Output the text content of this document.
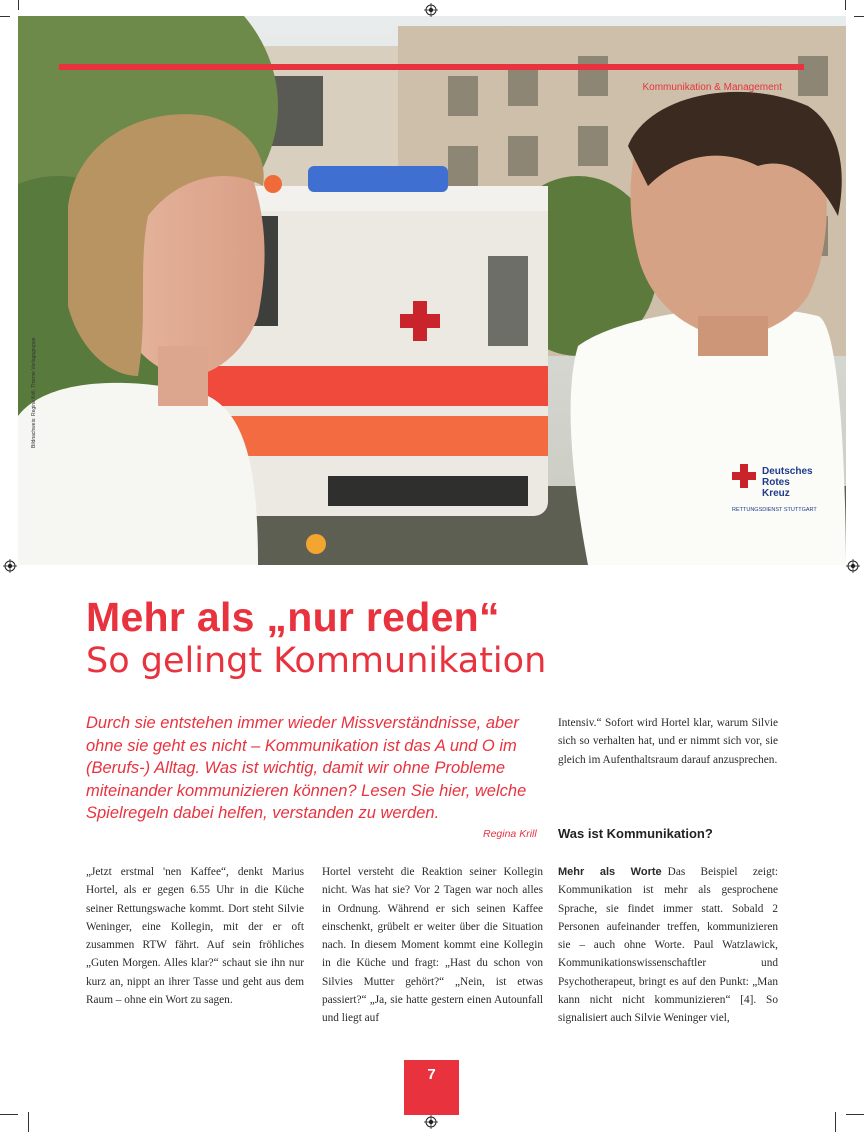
Deutsches
Rotes
Kreuz
RETTUNGSDIENST STUTTGART
Kommunikation & Management
Mehr als „nur reden“
So gelingt Kommunikation

Durch sie entstehen immer wieder Missverständnisse, aber ohne sie geht es nicht – Kommunikation ist das A und O im (Berufs-) Alltag. Was ist wichtig, damit wir ohne Probleme miteinander kommunizieren können? Lesen Sie hier, welche Spielregeln dabei helfen, verstanden zu werden.

Regina Krill

Intensiv.“ Sofort wird Hortel klar, warum Silvie sich so verhalten hat, und er nimmt sich vor, sie gleich im Aufenthaltsraum darauf anzusprechen.

Was ist Kommunikation?

„Jetzt erstmal 'nen Kaffee“, denkt Marius Hortel, als er gegen 6.55 Uhr in die Küche seiner Rettungswache kommt. Dort steht Silvie Weninger, eine Kollegin, mit der er oft zusammen RTW fährt. Auf sein fröhliches „Guten Morgen. Alles klar?“ schaut sie ihn nur kurz an, nippt an ihrer Tasse und geht aus dem Raum – ohne ein Wort zu sagen.

Hortel versteht die Reaktion seiner Kollegin nicht. Was hat sie? Vor 2 Tagen war noch alles in Ordnung. Während er sich seinen Kaffee einschenkt, grübelt er weiter über die Situation nach. In diesem Moment kommt eine Kollegin in die Küche und fragt: „Hast du schon von Silvies Mutter gehört?“ „Nein, ist etwas passiert?“ „Ja, sie hatte gestern einen Autounfall und liegt auf

Mehr als Worte Das Beispiel zeigt: Kommunikation ist mehr als gesprochene Sprache, sie findet immer statt. Sobald 2 Personen aufeinander treffen, kommunizieren sie – auch ohne Worte. Paul Watzlawick, Kommunikationswissenschaftler und Psychotherapeut, bringt es auf den Punkt: „Man kann nicht nicht kommunizieren“ [4]. So signalisiert auch Silvie Weninger viel,

7
